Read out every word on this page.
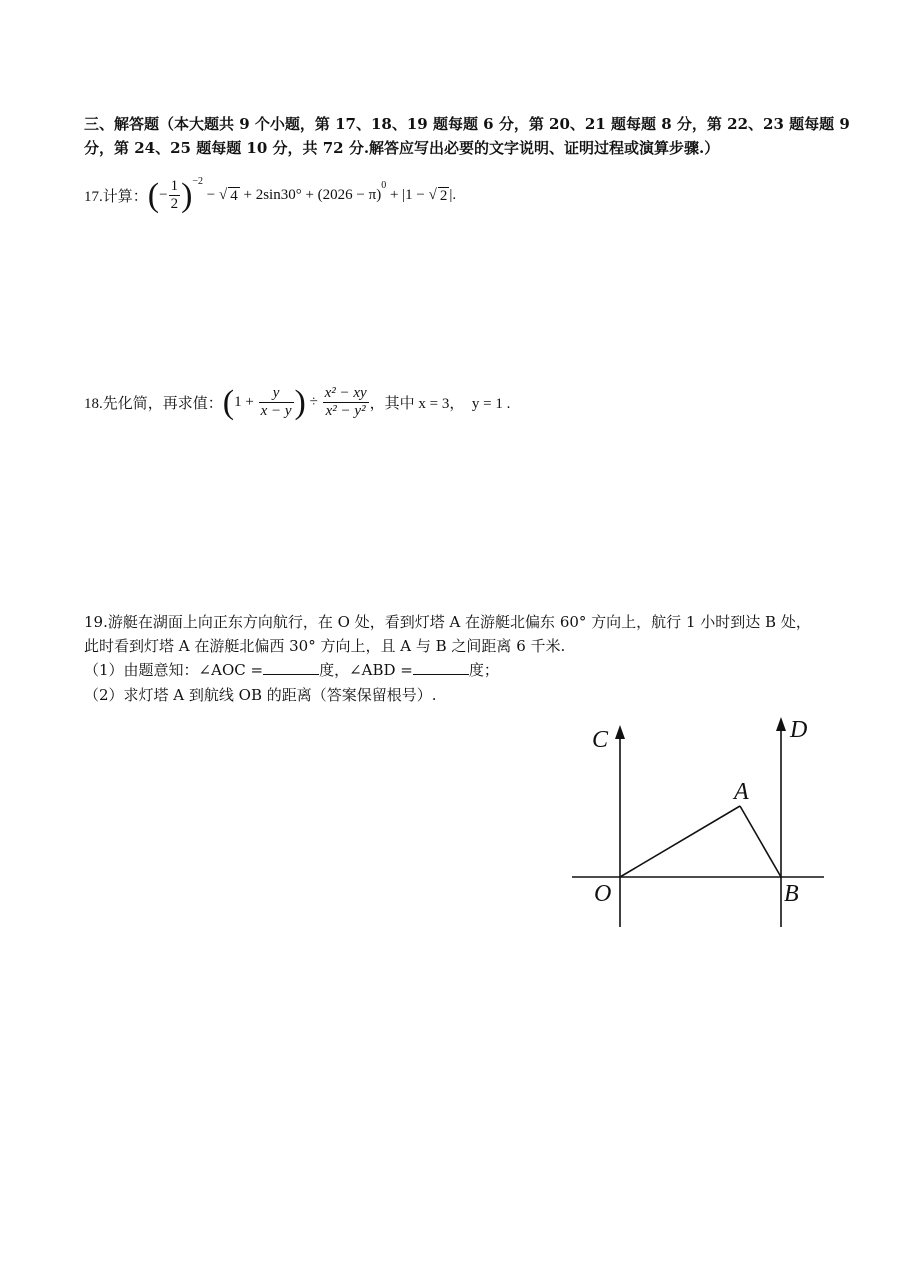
三、解答题（本大题共 9 个小题，第 17、18、19 题每题 6 分，第 20、21 题每题 8 分，第 22、23 题每题 9
分，第 24、25 题每题 10 分，共 72 分.解答应写出必要的文字说明、证明过程或演算步骤.）
17.计算： ( − $\frac{1}{2} )^{-2}$
− √ 4 + 2sin30° + (2026 − π)
$^0$
+ |1 − √ 2 |.
18.先化简，再求值： ( $1 + \frac{y}{x - y}$ ) ÷ $\frac{\text{x² − xy}}{\text{x² − y²}}$ ，其中 x = 3，  y = 1 .
19.游艇在湖面上向正东方向航行，在 O 处，看到灯塔 A 在游艇北偏东 60° 方向上，航行 1 小时到达 B 处，
此时看到灯塔 A 在游艇北偏西 30° 方向上，且 A 与 B 之间距离 6 千米.
（1）由题意知：∠AOC =	度，∠ABD =	度；
（2）求灯塔 A 到航线 OB 的距离（答案保留根号）.
C	D
A
O	B
